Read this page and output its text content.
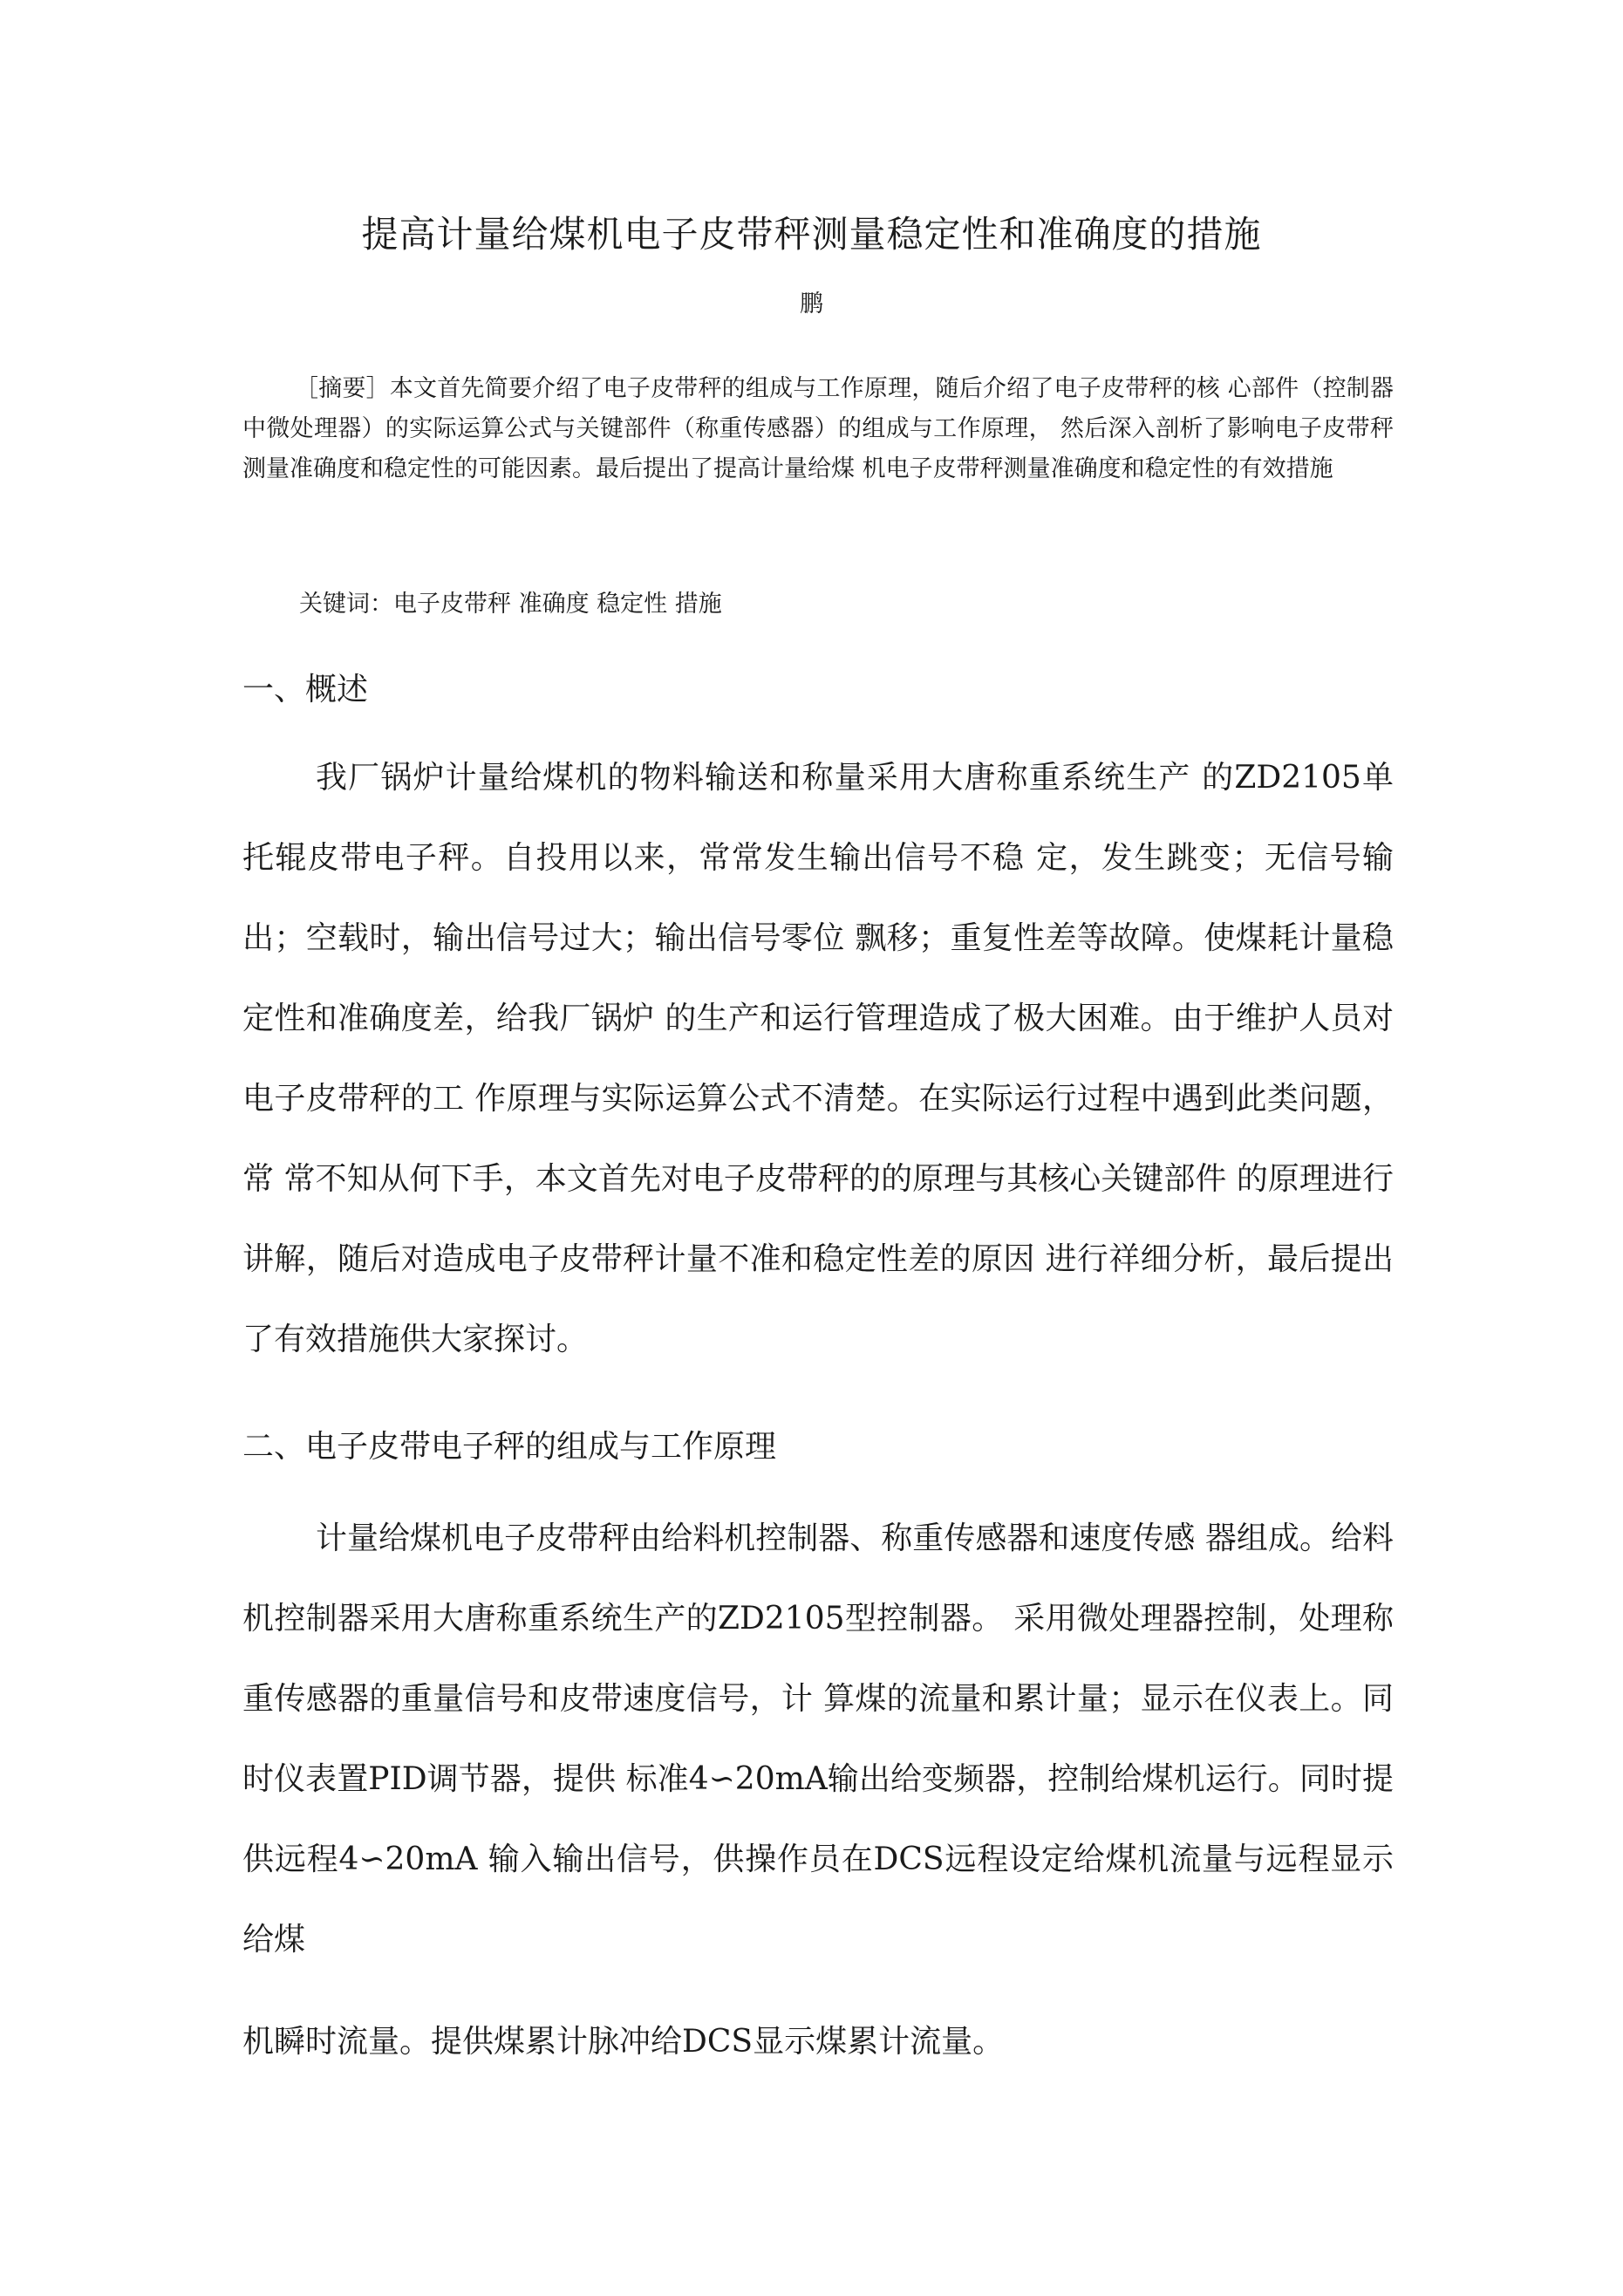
提高计量给煤机电子皮带秤测量稳定性和准确度的措施
鹏
［摘要］本文首先简要介绍了电子皮带秤的组成与工作原理，随后介绍了电子皮带秤的核 心部件（控制器中微处理器）的实际运算公式与关键部件（称重传感器）的组成与工作原理， 然后深入剖析了影响电子皮带秤测量准确度和稳定性的可能因素。最后提出了提高计量给煤 机电子皮带秤测量准确度和稳定性的有效措施
关键词：电子皮带秤 准确度 稳定性 措施
一、概述
我厂锅炉计量给煤机的物料输送和称量采用大唐称重系统生产 的ZD2105单托辊皮带电子秤。自投用以来，常常发生输出信号不稳 定，发生跳变；无信号输出；空载时，输出信号过大；输出信号零位 飘移；重复性差等故障。使煤耗计量稳定性和准确度差，给我厂锅炉 的生产和运行管理造成了极大困难。由于维护人员对电子皮带秤的工 作原理与实际运算公式不清楚。在实际运行过程中遇到此类问题，常 常不知从何下手，本文首先对电子皮带秤的的原理与其核心关键部件 的原理进行讲解，随后对造成电子皮带秤计量不准和稳定性差的原因 进行祥细分析，最后提出了有效措施供大家探讨。
二、电子皮带电子秤的组成与工作原理
计量给煤机电子皮带秤由给料机控制器、称重传感器和速度传感 器组成。给料机控制器采用大唐称重系统生产的ZD2105型控制器。 采用微处理器控制，处理称重传感器的重量信号和皮带速度信号，计 算煤的流量和累计量；显示在仪表上。同时仪表置PID调节器，提供 标准4∽20mA输出给变频器，控制给煤机运行。同时提供远程4∽20mA 输入输出信号，供操作员在DCS远程设定给煤机流量与远程显示给煤
机瞬时流量。提供煤累计脉冲给DCS显示煤累计流量。
